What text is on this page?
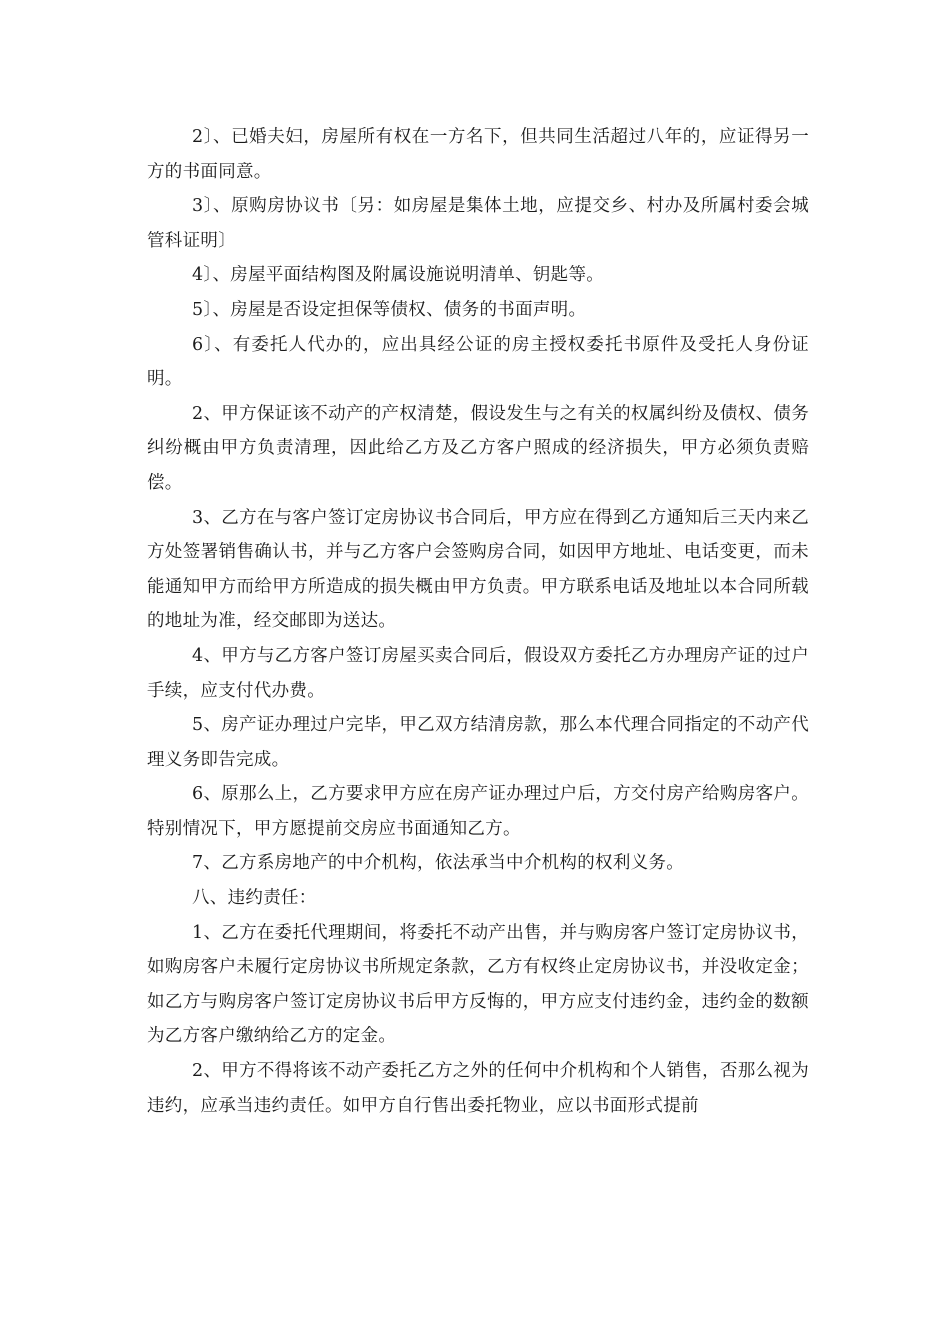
2〕、已婚夫妇，房屋所有权在一方名下，但共同生活超过八年的，应证得另一方的书面同意。

3〕、原购房协议书〔另：如房屋是集体土地，应提交乡、村办及所属村委会城管科证明〕

4〕、房屋平面结构图及附属设施说明清单、钥匙等。

5〕、房屋是否设定担保等债权、债务的书面声明。

6〕、有委托人代办的，应出具经公证的房主授权委托书原件及受托人身份证明。

2、甲方保证该不动产的产权清楚，假设发生与之有关的权属纠纷及债权、债务纠纷概由甲方负责清理，因此给乙方及乙方客户照成的经济损失，甲方必须负责赔偿。

3、乙方在与客户签订定房协议书合同后，甲方应在得到乙方通知后三天内来乙方处签署销售确认书，并与乙方客户会签购房合同，如因甲方地址、电话变更，而未能通知甲方而给甲方所造成的损失概由甲方负责。甲方联系电话及地址以本合同所载的地址为准，经交邮即为送达。

4、甲方与乙方客户签订房屋买卖合同后，假设双方委托乙方办理房产证的过户手续，应支付代办费。

5、房产证办理过户完毕，甲乙双方结清房款，那么本代理合同指定的不动产代理义务即告完成。

6、原那么上，乙方要求甲方应在房产证办理过户后，方交付房产给购房客户。特别情况下，甲方愿提前交房应书面通知乙方。

7、乙方系房地产的中介机构，依法承当中介机构的权利义务。

八、违约责任：

1、乙方在委托代理期间，将委托不动产出售，并与购房客户签订定房协议书，如购房客户未履行定房协议书所规定条款，乙方有权终止定房协议书，并没收定金；如乙方与购房客户签订定房协议书后甲方反悔的，甲方应支付违约金，违约金的数额为乙方客户缴纳给乙方的定金。

2、甲方不得将该不动产委托乙方之外的任何中介机构和个人销售，否那么视为违约，应承当违约责任。如甲方自行售出委托物业，应以书面形式提前
